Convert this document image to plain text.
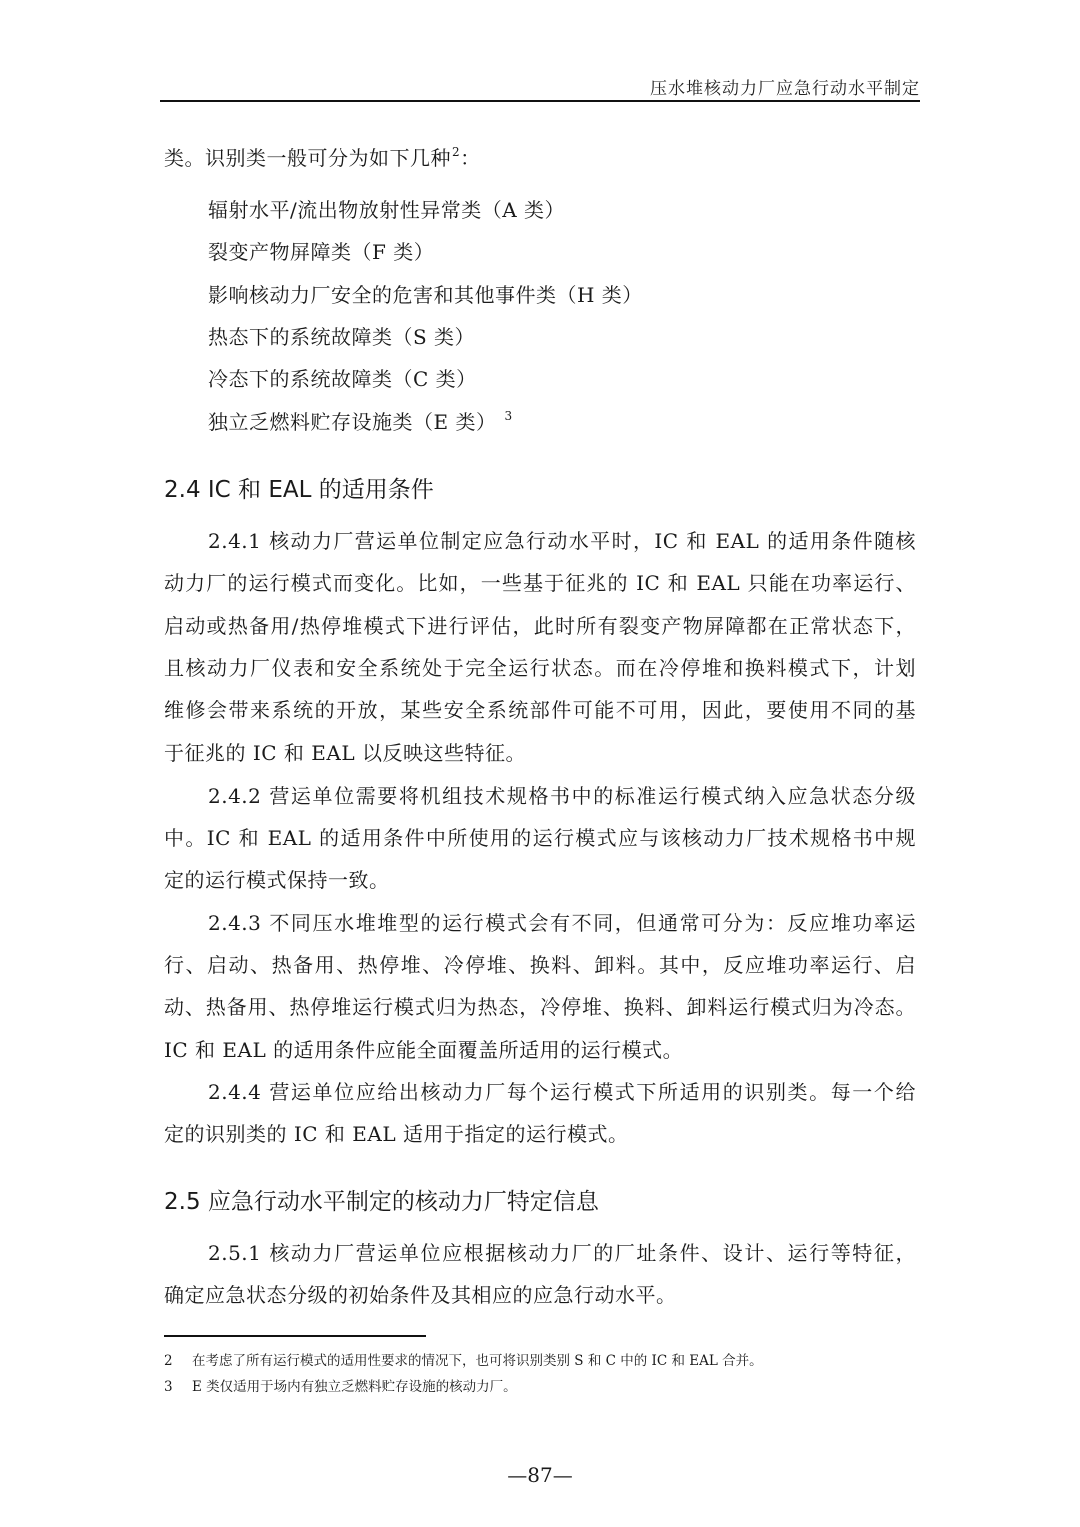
压水堆核动力厂应急行动水平制定
类。识别类一般可分为如下几种$^2$：
辐射水平/流出物放射性异常类（A 类）
裂变产物屏障类（F 类）
影响核动力厂安全的危害和其他事件类（H 类）
热态下的系统故障类（S 类）
冷态下的系统故障类（C 类）
独立乏燃料贮存设施类（E 类） $^3$
2.4 IC 和 EAL 的适用条件
2.4.1 核动力厂营运单位制定应急行动水平时，IC 和 EAL 的适用条件随核
动力厂的运行模式而变化。比如，一些基于征兆的 IC 和 EAL 只能在功率运行、
启动或热备用/热停堆模式下进行评估，此时所有裂变产物屏障都在正常状态下，
且核动力厂仪表和安全系统处于完全运行状态。而在冷停堆和换料模式下，计划
维修会带来系统的开放，某些安全系统部件可能不可用，因此，要使用不同的基
于征兆的 IC 和 EAL 以反映这些特征。
2.4.2 营运单位需要将机组技术规格书中的标准运行模式纳入应急状态分级
中。IC 和 EAL 的适用条件中所使用的运行模式应与该核动力厂技术规格书中规
定的运行模式保持一致。
2.4.3 不同压水堆堆型的运行模式会有不同，但通常可分为：反应堆功率运
行、启动、热备用、热停堆、冷停堆、换料、卸料。其中，反应堆功率运行、启
动、热备用、热停堆运行模式归为热态，冷停堆、换料、卸料运行模式归为冷态。
IC 和 EAL 的适用条件应能全面覆盖所适用的运行模式。
2.4.4 营运单位应给出核动力厂每个运行模式下所适用的识别类。每一个给
定的识别类的 IC 和 EAL 适用于指定的运行模式。
2.5 应急行动水平制定的核动力厂特定信息
2.5.1 核动力厂营运单位应根据核动力厂的厂址条件、设计、运行等特征，
确定应急状态分级的初始条件及其相应的应急行动水平。
2 在考虑了所有运行模式的适用性要求的情况下，也可将识别类别 S 和 C 中的 IC 和 EAL 合并。
3 E 类仅适用于场内有独立乏燃料贮存设施的核动力厂。
—87—
